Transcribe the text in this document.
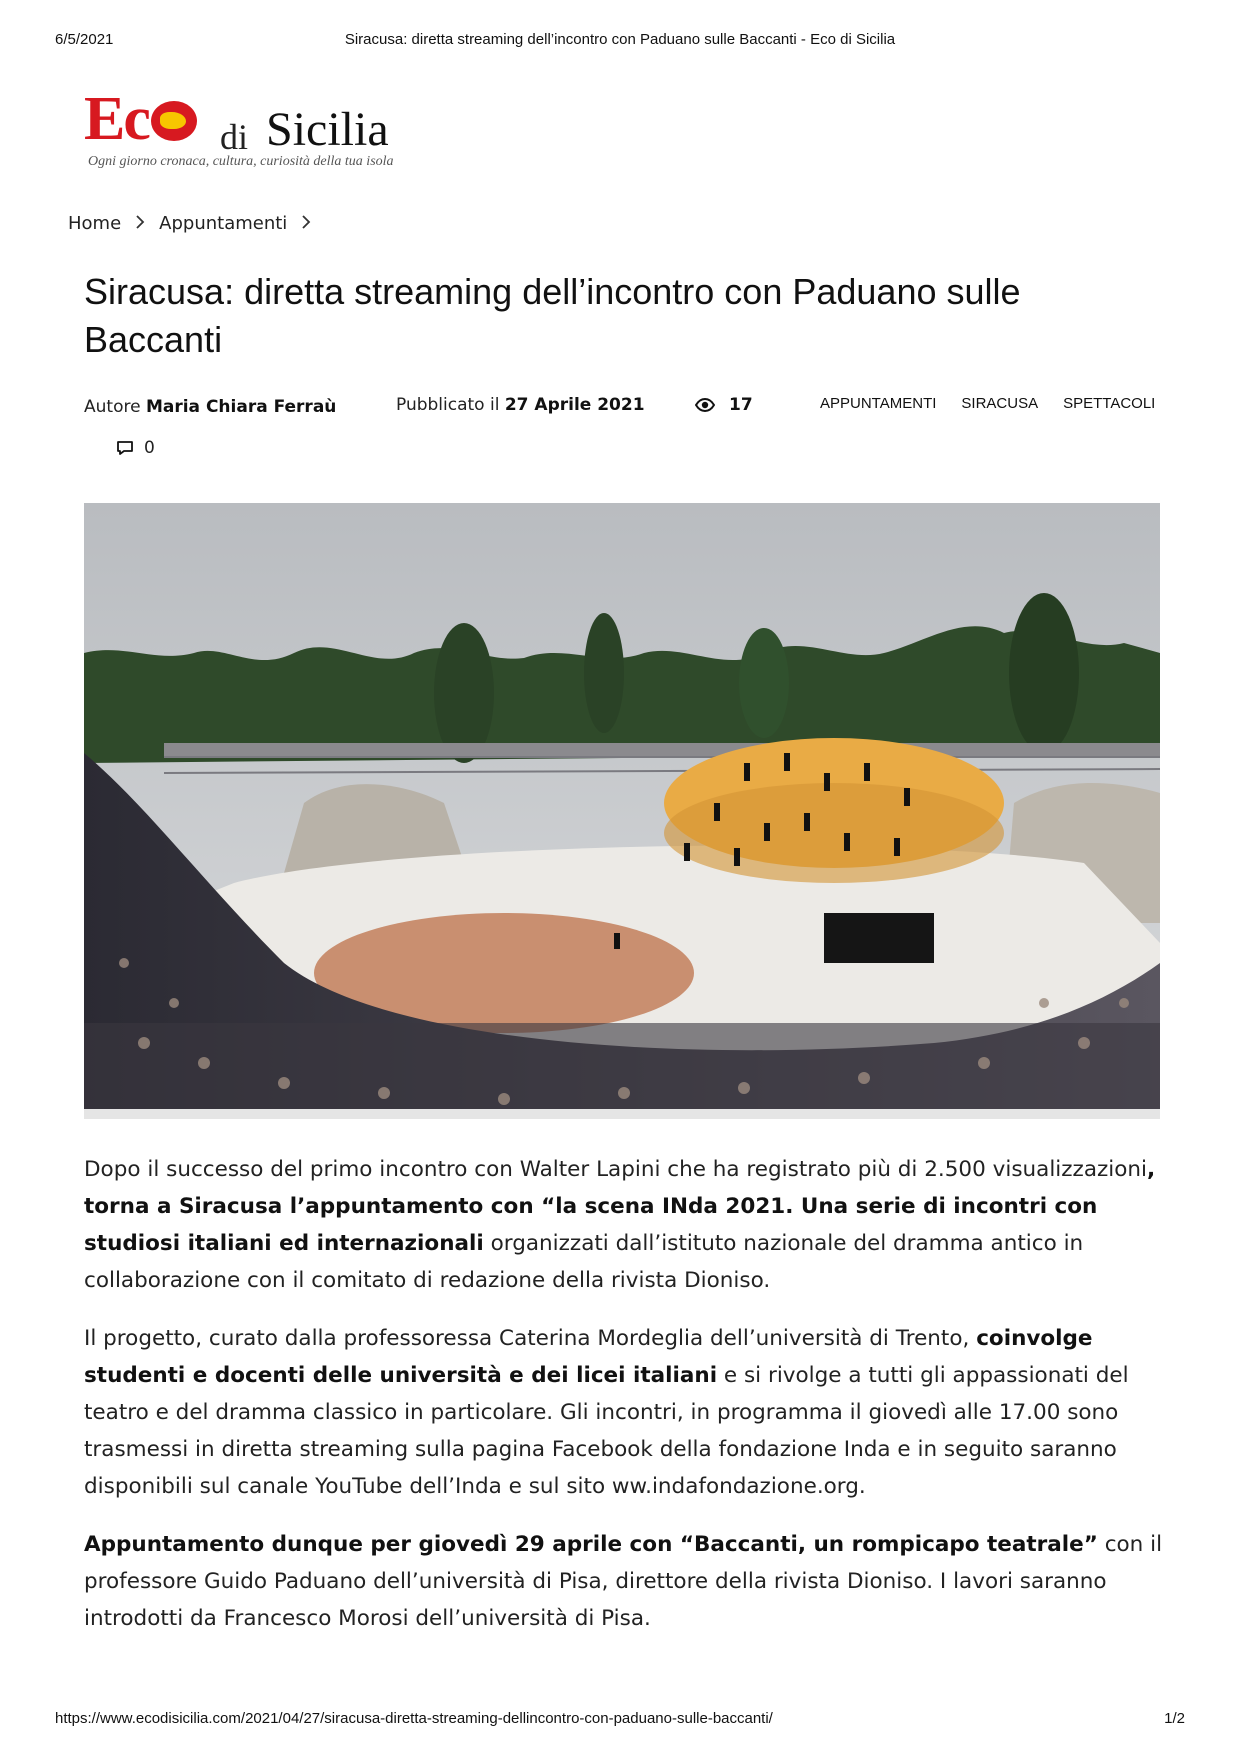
6/5/2021	Siracusa: diretta streaming dell’incontro con Paduano sulle Baccanti - Eco di Sicilia
Ec	di Sicilia
Ogni giorno cronaca, cultura, curiosità della tua isola
Home Appuntamenti
Siracusa: diretta streaming dell’incontro con Paduano sulle Baccanti
Autore Maria Chiara Ferraù	Pubblicato il 27 Aprile 2021	17	APPUNTAMENTI SIRACUSA SPETTACOLI
0

Dopo il successo del primo incontro con Walter Lapini che ha registrato più di 2.500 visualizzazioni, torna a Siracusa l’appuntamento con “la scena INda 2021. Una serie di incontri con studiosi italiani ed internazionali organizzati dall’istituto nazionale del dramma antico in collaborazione con il comitato di redazione della rivista Dioniso.

Il progetto, curato dalla professoressa Caterina Mordeglia dell’università di Trento, coinvolge studenti e docenti delle università e dei licei italiani e si rivolge a tutti gli appassionati del teatro e del dramma classico in particolare. Gli incontri, in programma il giovedì alle 17.00 sono trasmessi in diretta streaming sulla pagina Facebook della fondazione Inda e in seguito saranno disponibili sul canale YouTube dell’Inda e sul sito ww.indafondazione.org.

Appuntamento dunque per giovedì 29 aprile con “Baccanti, un rompicapo teatrale” con il professore Guido Paduano dell’università di Pisa, direttore della rivista Dioniso. I lavori saranno introdotti da Francesco Morosi dell’università di Pisa.

https://www.ecodisicilia.com/2021/04/27/siracusa-diretta-streaming-dellincontro-con-paduano-sulle-baccanti/	1/2
